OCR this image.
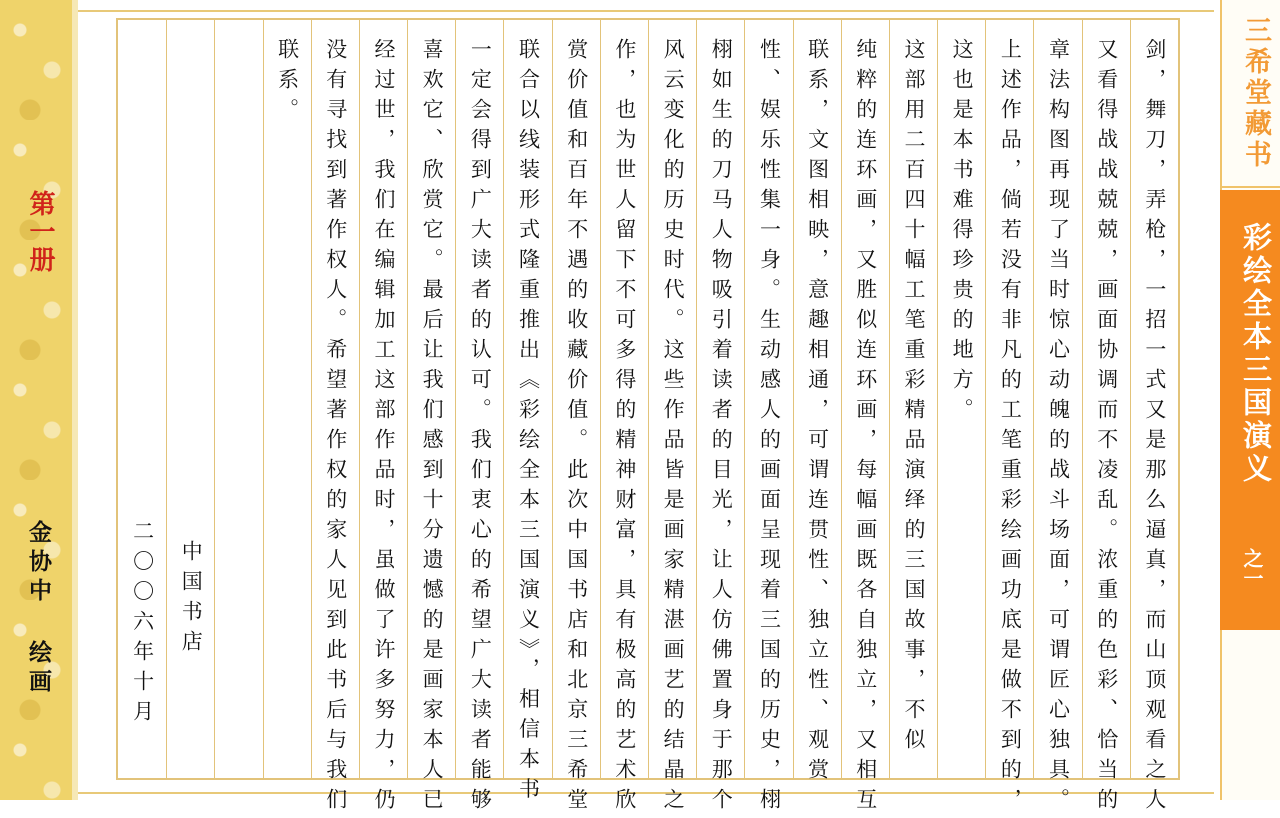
第一册
金协中 绘画	剑，舞刀，弄枪，一招一式又是那么逼真，而山顶观看之人
又看得战战兢兢，画面协调而不凌乱。浓重的色彩、恰当的
章法构图再现了当时惊心动魄的战斗场面，可谓匠心独具。
上述作品，倘若没有非凡的工笔重彩绘画功底是做不到的，
这也是本书难得珍贵的地方。
这部用二百四十幅工笔重彩精品演绎的三国故事，不似
纯粹的连环画，又胜似连环画，每幅画既各自独立，又相互
联系，文图相映，意趣相通，可谓连贯性、独立性、观赏
性、娱乐性集一身。生动感人的画面呈现着三国的历史，栩
栩如生的刀马人物吸引着读者的目光，让人仿佛置身于那个
风云变化的历史时代。这些作品皆是画家精湛画艺的结晶之
作，也为世人留下不可多得的精神财富，具有极高的艺术欣
赏价值和百年不遇的收藏价值。此次中国书店和北京三希堂
联合以线装形式隆重推出《彩绘全本三国演义》，相信本书
一定会得到广大读者的认可。我们衷心的希望广大读者能够
喜欢它、欣赏它。最后让我们感到十分遗憾的是画家本人已
经过世，我们在编辑加工这部作品时，虽做了许多努力，仍
没有寻找到著作权人。希望著作权的家人见到此书后与我们
联系。
中国书店
二〇〇六年十月
三希堂藏书
彩绘全本三国演义
之一
